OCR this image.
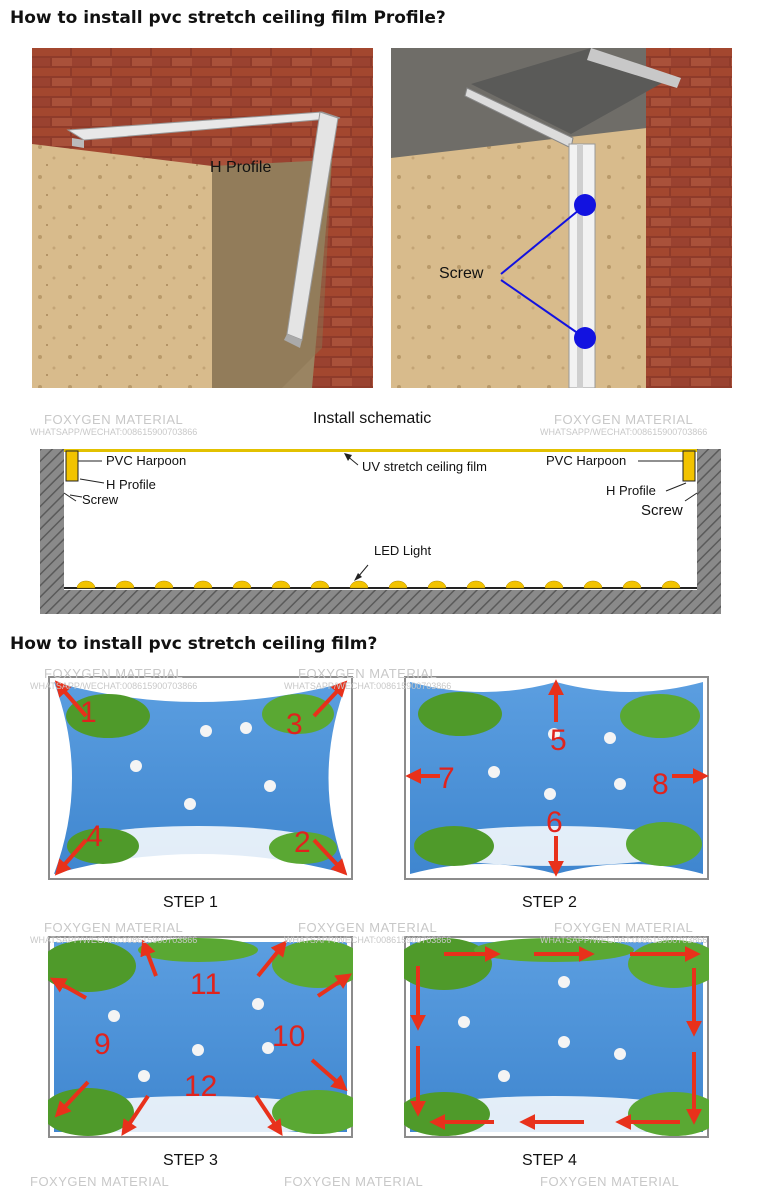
How to install pvc stretch ceiling film Profile?
H Profile
Screw
Install schematic
PVC Harpoon
H Profile
Screw
UV stretch ceiling film	PVC Harpoon
H Profile
Screw
LED Light
How to install pvc stretch ceiling film?
1	3
4	2
STEP 1
5
7	8
6
STEP 2
11
9	10
12
STEP 3	STEP 4
FOXYGEN MATERIAL
WHATSAPP/WECHAT:008615900703866
FOXYGEN MATERIAL
WHATSAPP/WECHAT:008615900703866
FOXYGEN MATERIAL
WHATSAPP/WECHAT:008615900703866
FOXYGEN MATERIAL
WHATSAPP/WECHAT:008615900703866
FOXYGEN MATERIAL
WHATSAPP/WECHAT:008615900703866
FOXYGEN MATERIAL
WHATSAPP/WECHAT:008615900703866
FOXYGEN MATERIAL
WHATSAPP/WECHAT:008615900703866
FOXYGEN MATERIAL	FOXYGEN MATERIAL	FOXYGEN MATERIAL
